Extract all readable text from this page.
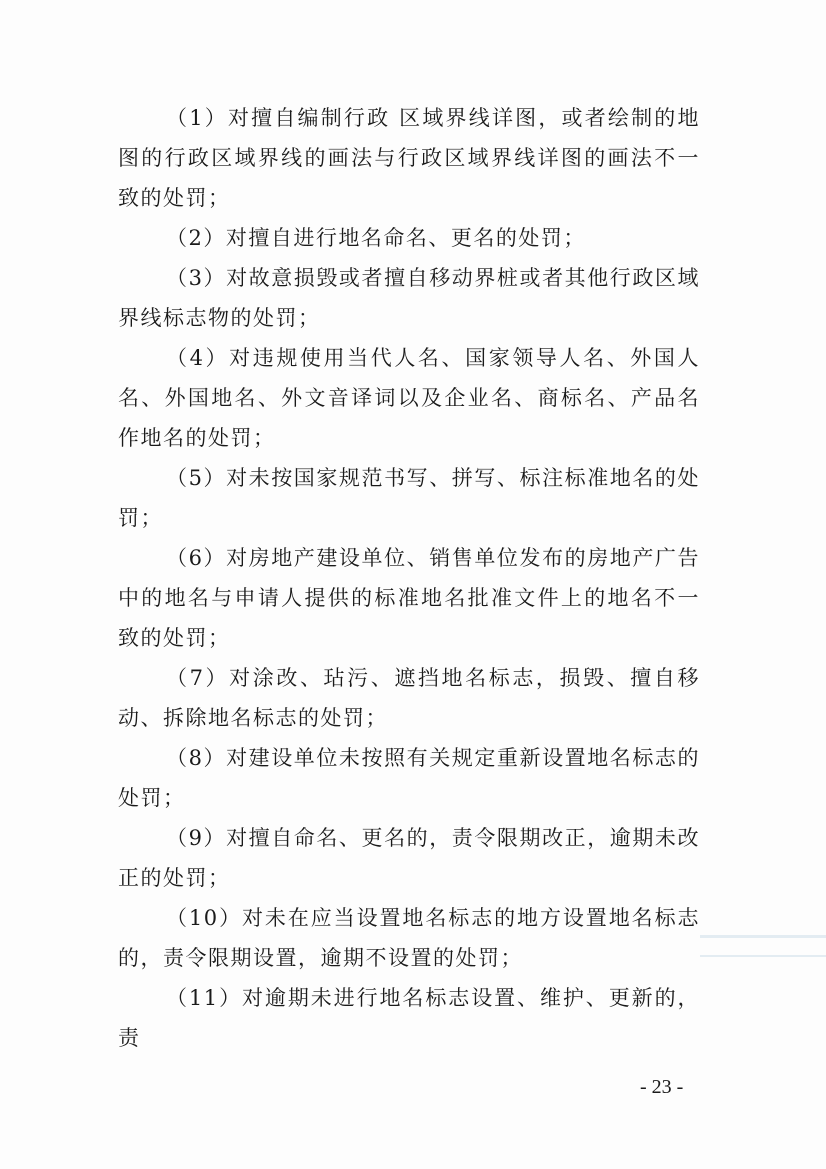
（1）对擅自编制行政 区域界线详图，或者绘制的地图的行政区域界线的画法与行政区域界线详图的画法不一致的处罚；

（2）对擅自进行地名命名、更名的处罚；

（3）对故意损毁或者擅自移动界桩或者其他行政区域界线标志物的处罚；

（4）对违规使用当代人名、国家领导人名、外国人名、外国地名、外文音译词以及企业名、商标名、产品名作地名的处罚；

（5）对未按国家规范书写、拼写、标注标准地名的处罚；

（6）对房地产建设单位、销售单位发布的房地产广告中的地名与申请人提供的标准地名批准文件上的地名不一致的处罚；

（7）对涂改、玷污、遮挡地名标志，损毁、擅自移动、拆除地名标志的处罚；

（8）对建设单位未按照有关规定重新设置地名标志的处罚；

（9）对擅自命名、更名的，责令限期改正，逾期未改正的处罚；

（10）对未在应当设置地名标志的地方设置地名标志的，责令限期设置，逾期不设置的处罚；

（11）对逾期未进行地名标志设置、维护、更新的，责

- 23 -
